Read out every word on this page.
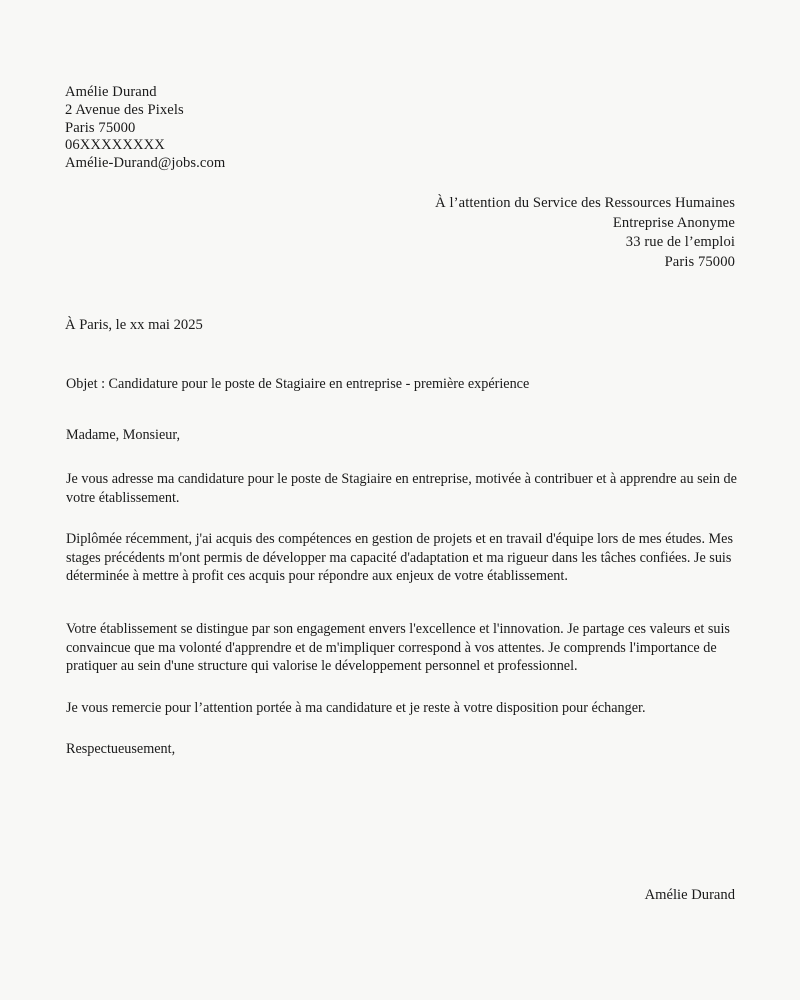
Amélie Durand
2 Avenue des Pixels
Paris 75000
06XXXXXXXX
Amélie-Durand@jobs.com
À l’attention du Service des Ressources Humaines
Entreprise Anonyme
33 rue de l’emploi
Paris 75000
À Paris, le xx mai 2025
Objet : Candidature pour le poste de Stagiaire en entreprise - première expérience

Madame, Monsieur,

Je vous adresse ma candidature pour le poste de Stagiaire en entreprise, motivée à contribuer et à apprendre au sein de votre établissement.

Diplômée récemment, j'ai acquis des compétences en gestion de projets et en travail d'équipe lors de mes études. Mes stages précédents m'ont permis de développer ma capacité d'adaptation et ma rigueur dans les tâches confiées. Je suis déterminée à mettre à profit ces acquis pour répondre aux enjeux de votre établissement.

Votre établissement se distingue par son engagement envers l'excellence et l'innovation. Je partage ces valeurs et suis convaincue que ma volonté d'apprendre et de m'impliquer correspond à vos attentes. Je comprends l'importance de pratiquer au sein d'une structure qui valorise le développement personnel et professionnel.

Je vous remercie pour l’attention portée à ma candidature et je reste à votre disposition pour échanger.

Respectueusement,

Amélie Durand
